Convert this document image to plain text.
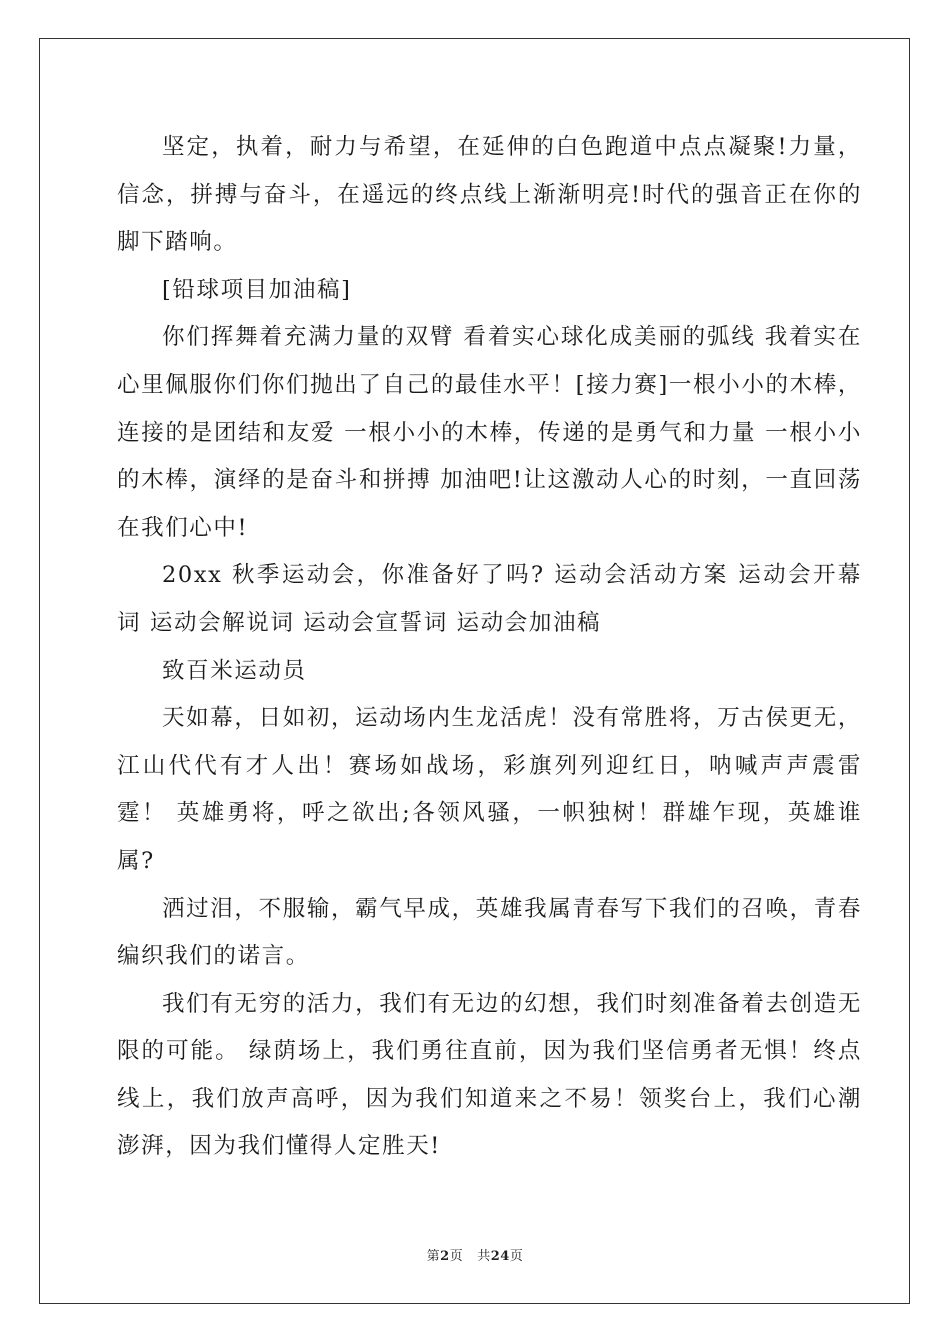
坚定，执着，耐力与希望，在延伸的白色跑道中点点凝聚!力量，信念，拼搏与奋斗，在遥远的终点线上渐渐明亮!时代的强音正在你的脚下踏响。

[铅球项目加油稿]

你们挥舞着充满力量的双臂 看着实心球化成美丽的弧线 我着实在心里佩服你们你们抛出了自己的最佳水平！[接力赛]一根小小的木棒，连接的是团结和友爱 一根小小的木棒，传递的是勇气和力量 一根小小的木棒，演绎的是奋斗和拼搏 加油吧!让这激动人心的时刻，一直回荡在我们心中!

20xx 秋季运动会，你准备好了吗? 运动会活动方案 运动会开幕词 运动会解说词 运动会宣誓词 运动会加油稿

致百米运动员

天如幕，日如初，运动场内生龙活虎！没有常胜将，万古侯更无，江山代代有才人出！赛场如战场，彩旗列列迎红日，呐喊声声震雷霆！ 英雄勇将，呼之欲出;各领风骚，一帜独树！群雄乍现，英雄谁属?

洒过泪，不服输，霸气早成，英雄我属青春写下我们的召唤，青春编织我们的诺言。

我们有无穷的活力，我们有无边的幻想，我们时刻准备着去创造无限的可能。 绿荫场上，我们勇往直前，因为我们坚信勇者无惧！终点线上，我们放声高呼，因为我们知道来之不易！领奖台上，我们心潮澎湃，因为我们懂得人定胜天!

第2页 共24页
